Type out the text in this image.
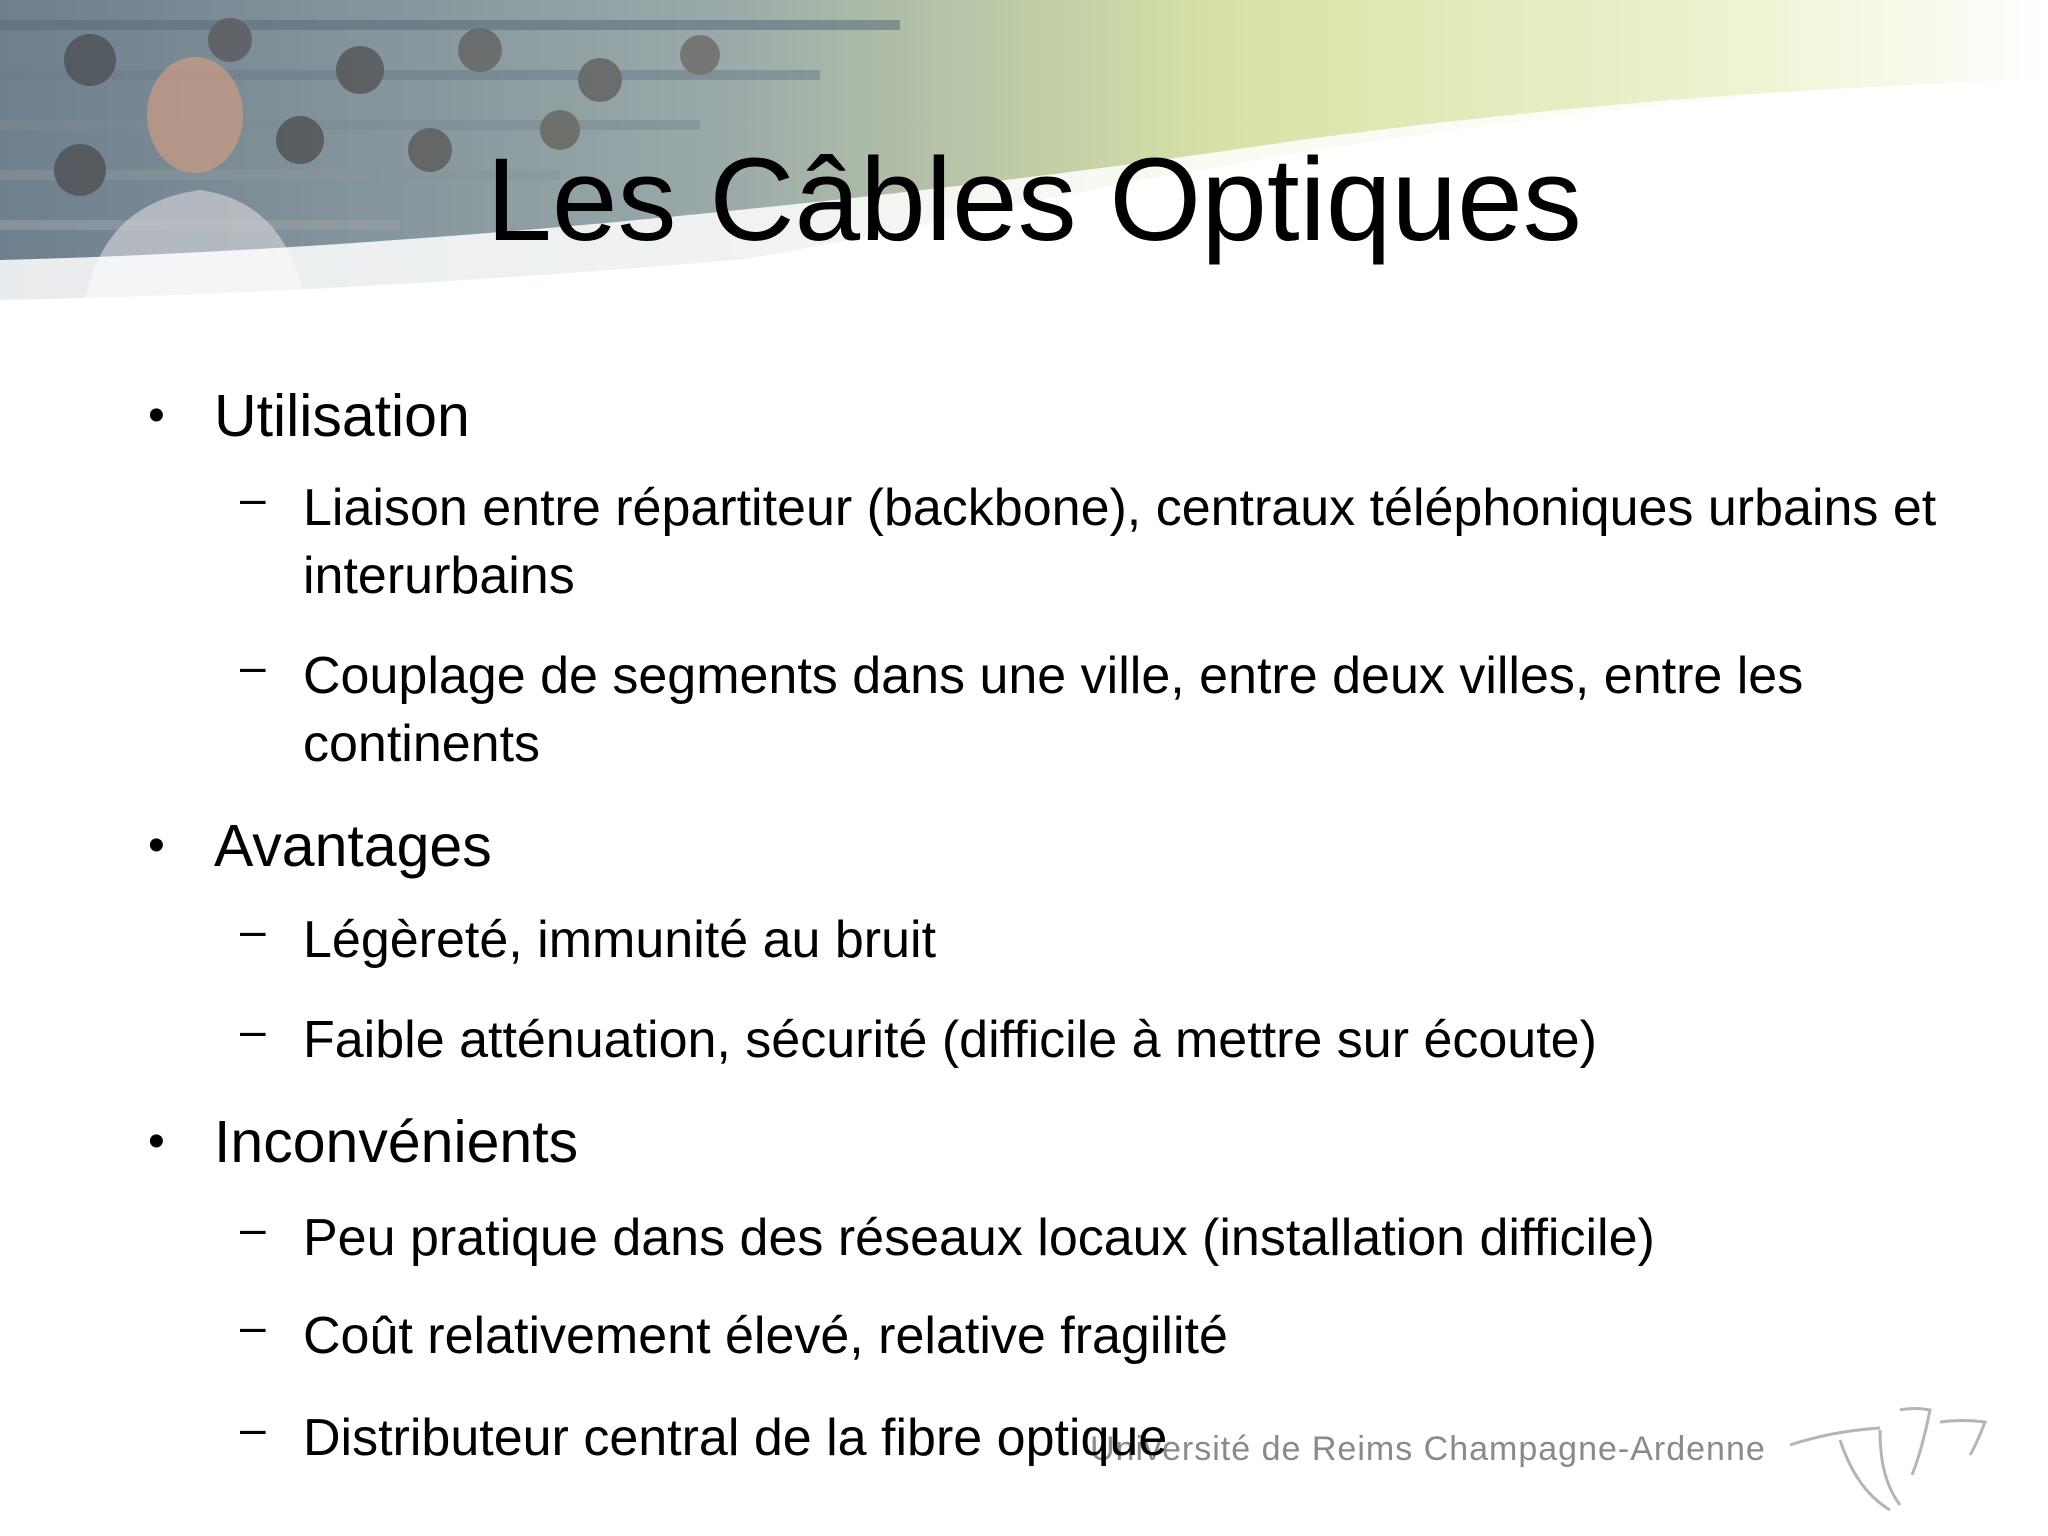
Les Câbles Optiques
• Utilisation
– Liaison entre répartiteur (backbone), centraux téléphoniques urbains et interurbains
– Couplage de segments dans une ville, entre deux villes, entre les continents
• Avantages
– Légèreté, immunité au bruit
– Faible atténuation, sécurité (difficile à mettre sur écoute)
• Inconvénients
– Peu pratique dans des réseaux locaux (installation difficile)
– Coût relativement élevé, relative fragilité
Université de Reims Champagne-Ardenne
– Distributeur central de la fibre optique
